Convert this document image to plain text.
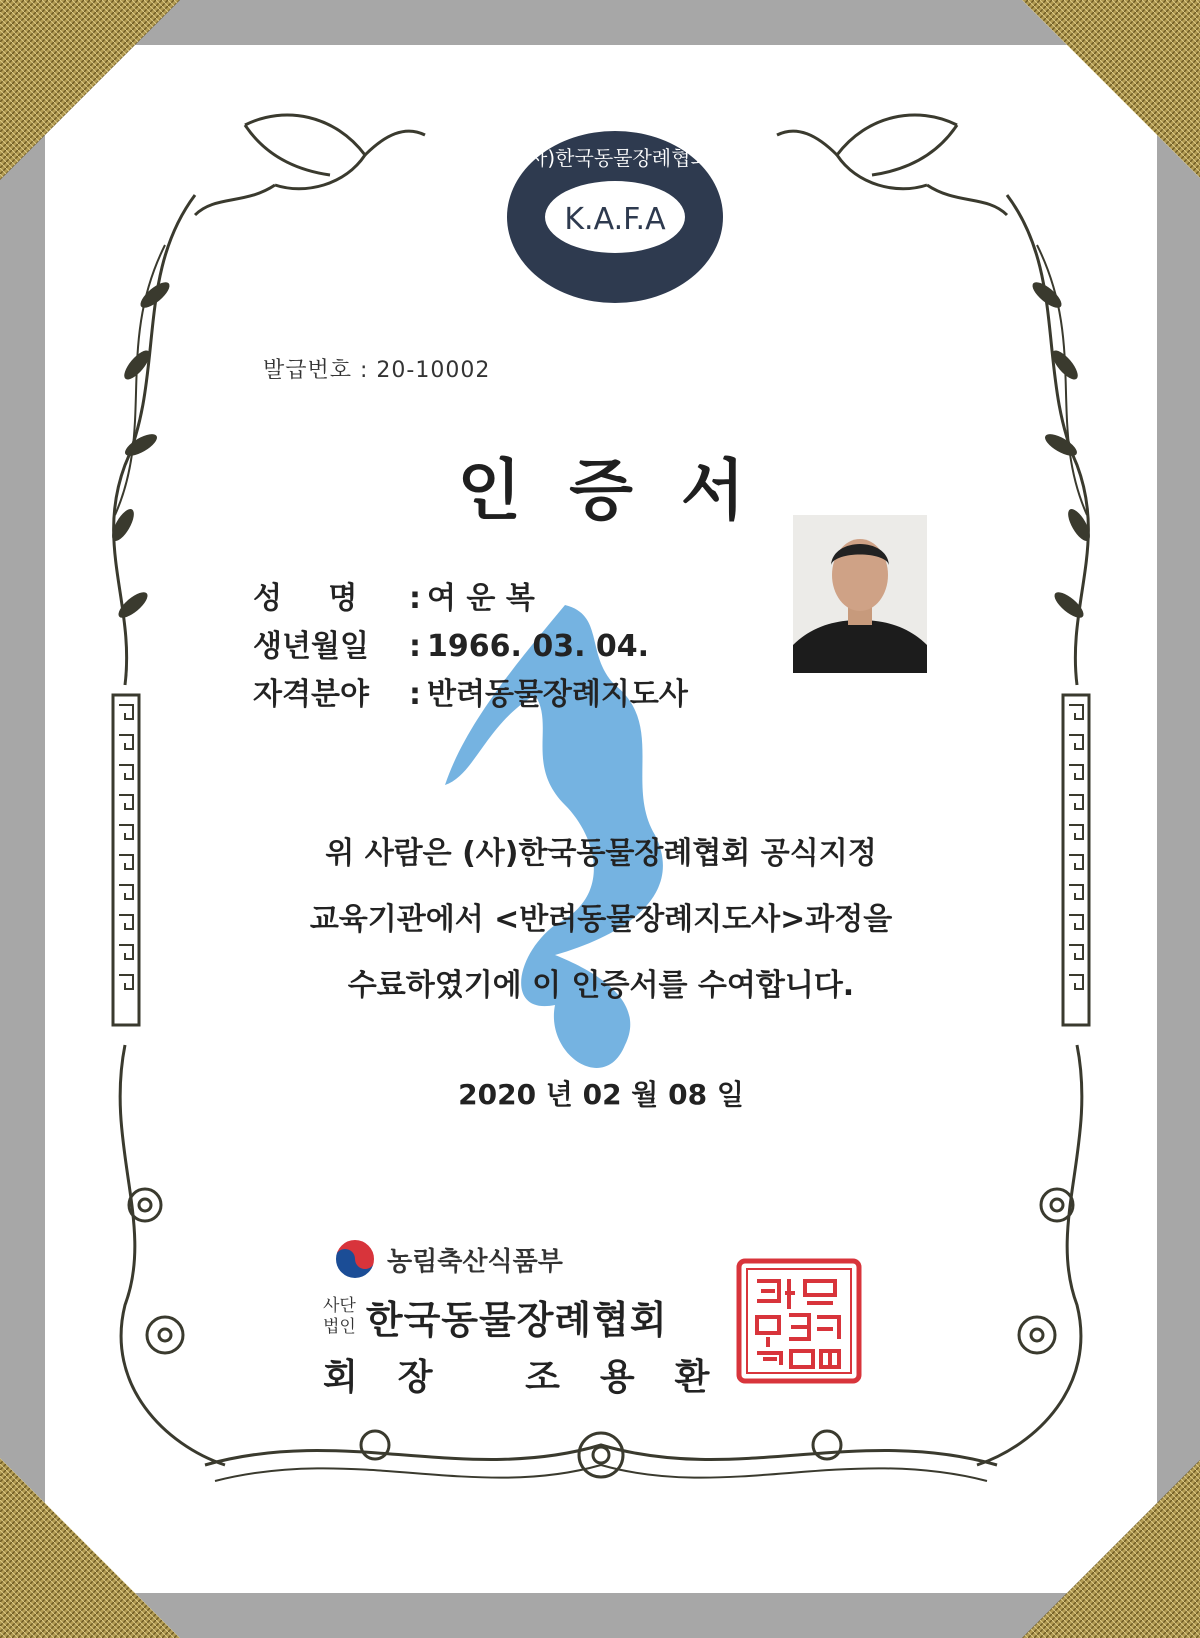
K.A.F.A
(사)한국동물장례협회
발급번호 : 20-10002
인증서
성 명 : 여 운 복
생년월일 : 1966. 03. 04.
자격분야 : 반려동물장례지도사
위 사람은 (사)한국동물장례협회 공식지정
교육기관에서 <반려동물장례지도사>과정을
수료하였기에 이 인증서를 수여합니다.
2020 년 02 월 08 일
농림축산식품부
사단
법인 한국동물장례협회
회장 조용환
